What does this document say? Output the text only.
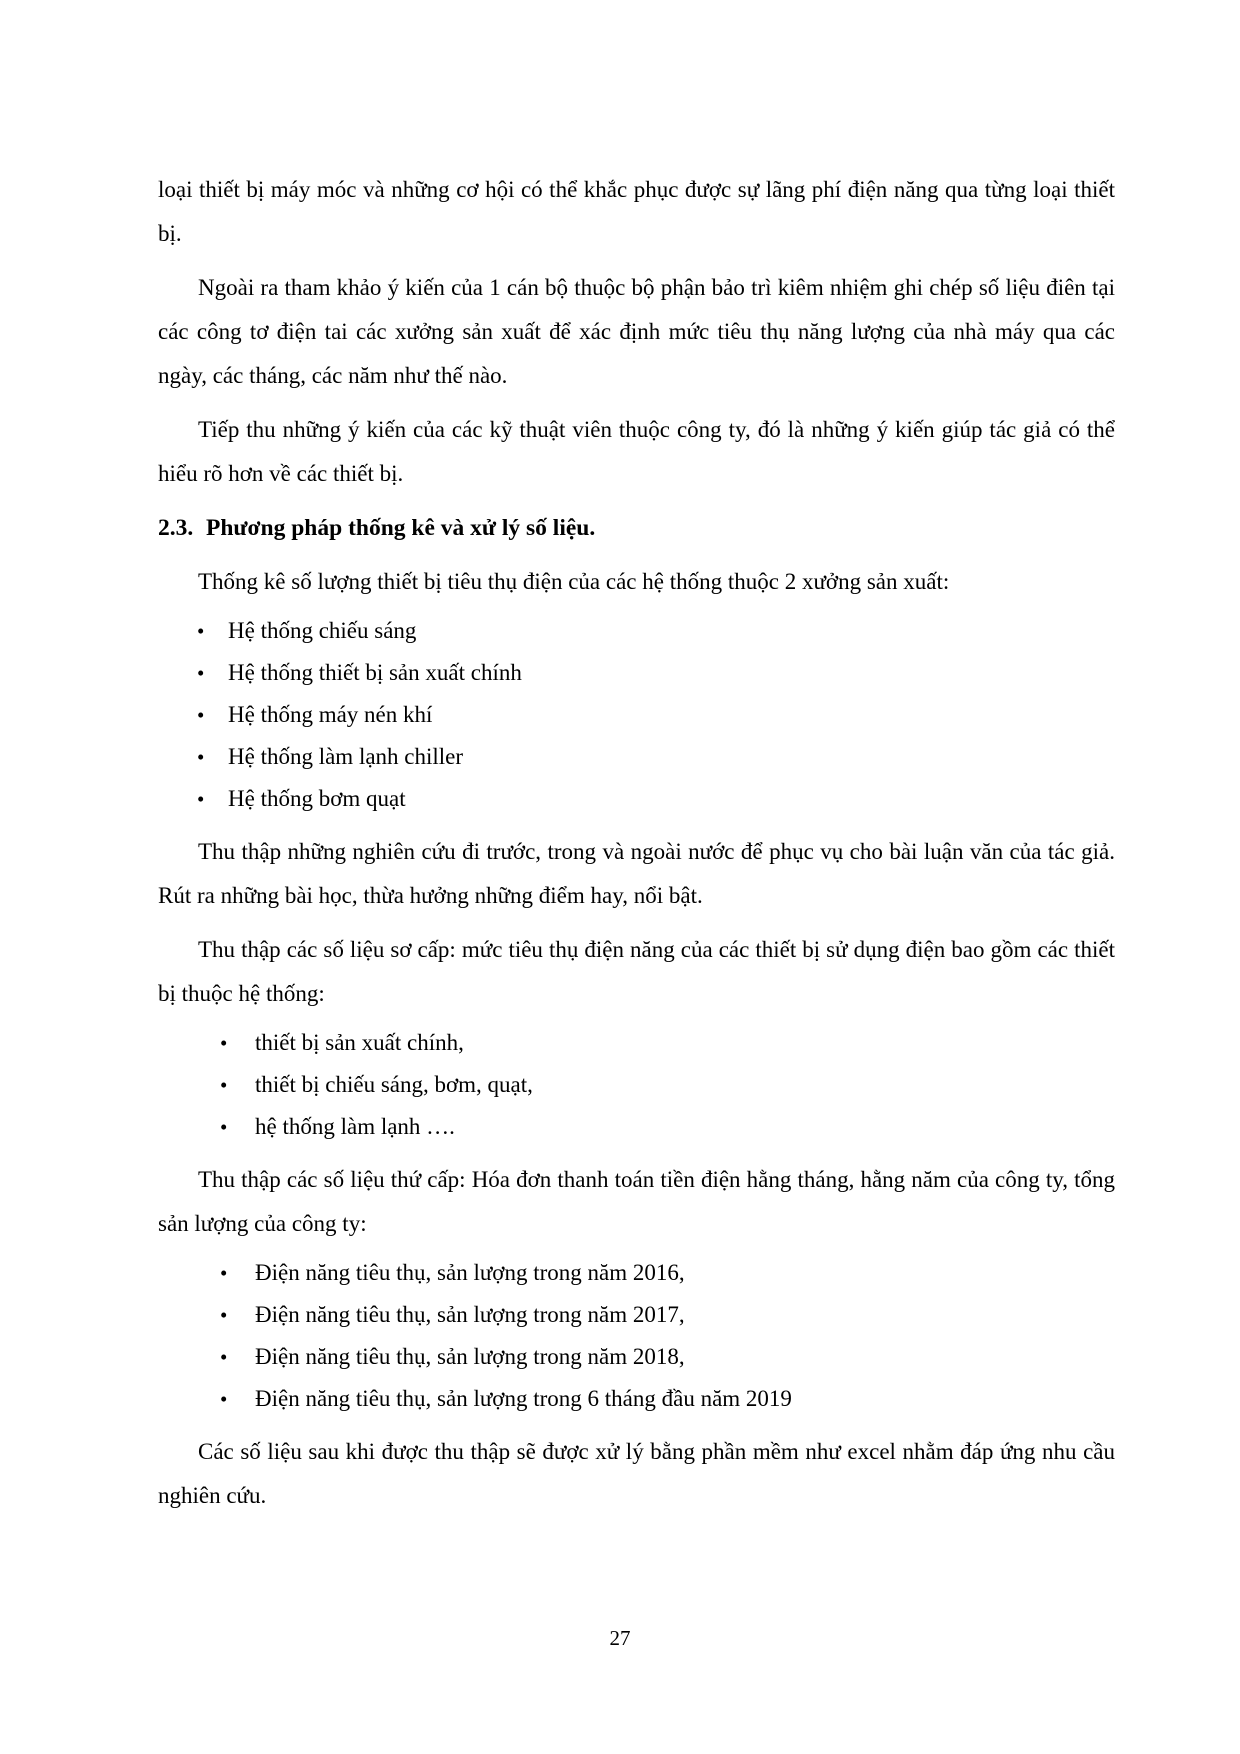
loại thiết bị máy móc và những cơ hội có thể khắc phục được sự lãng phí điện năng qua từng loại thiết bị.

Ngoài ra tham khảo ý kiến của 1 cán bộ thuộc bộ phận bảo trì kiêm nhiệm ghi chép số liệu điên tại các công tơ điện tai các xưởng sản xuất để xác định mức tiêu thụ năng lượng của nhà máy qua các ngày, các tháng, các năm như thế nào.

Tiếp thu những ý kiến của các kỹ thuật viên thuộc công ty, đó là những ý kiến giúp tác giả có thể hiểu rõ hơn về các thiết bị.

2.3. Phương pháp thống kê và xử lý số liệu.

Thống kê số lượng thiết bị tiêu thụ điện của các hệ thống thuộc 2 xưởng sản xuất:

•	Hệ thống chiếu sáng
•	Hệ thống thiết bị sản xuất chính
•	Hệ thống máy nén khí
•	Hệ thống làm lạnh chiller
•	Hệ thống bơm quạt

Thu thập những nghiên cứu đi trước, trong và ngoài nước để phục vụ cho bài luận văn của tác giả. Rút ra những bài học, thừa hưởng những điểm hay, nổi bật.

Thu thập các số liệu sơ cấp: mức tiêu thụ điện năng của các thiết bị sử dụng điện bao gồm các thiết bị thuộc hệ thống:

•	thiết bị sản xuất chính,
•	thiết bị chiếu sáng, bơm, quạt,
•	hệ thống làm lạnh ….

Thu thập các số liệu thứ cấp: Hóa đơn thanh toán tiền điện hằng tháng, hằng năm của công ty, tổng sản lượng của công ty:

•	Điện năng tiêu thụ, sản lượng trong năm 2016,
•	Điện năng tiêu thụ, sản lượng trong năm 2017,
•	Điện năng tiêu thụ, sản lượng trong năm 2018,
•	Điện năng tiêu thụ, sản lượng trong 6 tháng đầu năm 2019

Các số liệu sau khi được thu thập sẽ được xử lý bằng phần mềm như excel nhằm đáp ứng nhu cầu nghiên cứu.

27
